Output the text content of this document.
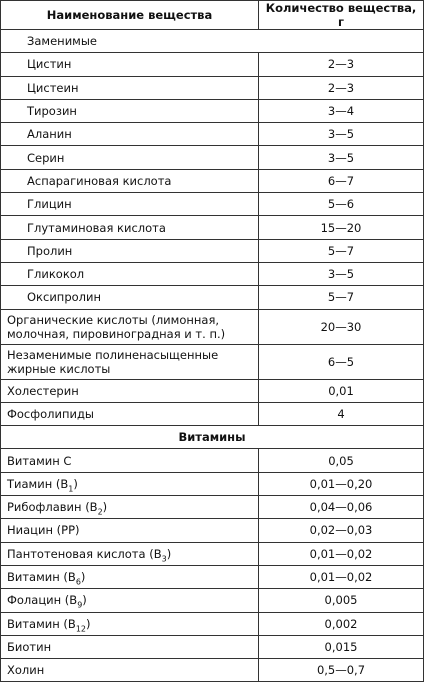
Наименование вещества	Количество вещества, г
Заменимые	
Цистин	2—3
Цистеин	2—3
Тирозин	3—4
Аланин	3—5
Серин	3—5
Аспарагиновая кислота	6—7
Глицин	5—6
Глутаминовая кислота	15—20
Пролин	5—7
Гликокол	3—5
Оксипролин	5—7
Органические кислоты (лимонная, молочная, пировиноградная и т. п.)	20—30
Незаменимые полиненасыщенные жирные кислоты	6—5
Холестерин	0,01
Фосфолипиды	4
Витамины	
Витамин С	0,05
Тиамин $(В_1)$	0,01—0,20
Рибофлавин $(В_2)$	0,04—0,06
Ниацин (РР)	0,02—0,03
Пантотеновая кислота $(В_3)$	0,01—0,02
Витамин $(В_6)$	0,01—0,02
Фолацин $(В_9)$	0,005
Витамин $(В_{12})$	0,002
Биотин	0,015
Холин	0,5—0,7
